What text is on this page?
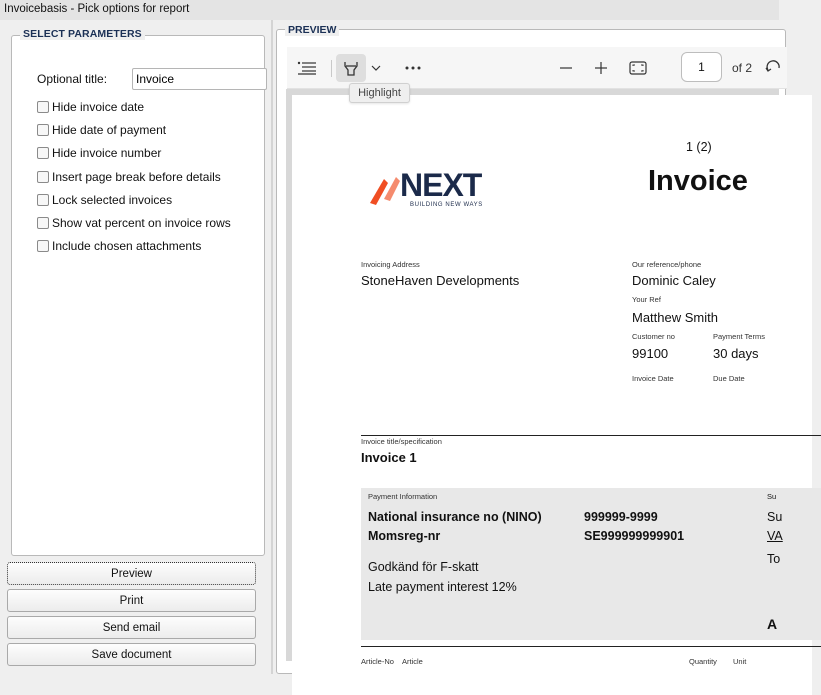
Invoicebasis - Pick options for report
Optional title:
Invoice
Hide invoice date
Hide date of payment
Hide invoice number
Insert page break before details
Lock selected invoices
Show vat percent on invoice rows
Include chosen attachments
SELECT PARAMETERS
Preview
Print
Send email
Save document
PREVIEW
1	of 2
1 (2)
Invoice
NEXT
BUILDING NEW WAYS
Invoicing Address
StoneHaven Developments
Our reference/phone
Dominic Caley
Your Ref
Matthew Smith
Customer no
99100
Payment Terms
30 days
Invoice Date	Due Date
Invoice title/specification
Invoice 1
Payment Information
National insurance no (NINO)	999999-9999
Momsreg-nr	SE999999999901
Godkänd för F-skatt
Late payment interest 12%
Su
Su
VA
To
A
Article-No Article	Quantity Unit
Highlight
